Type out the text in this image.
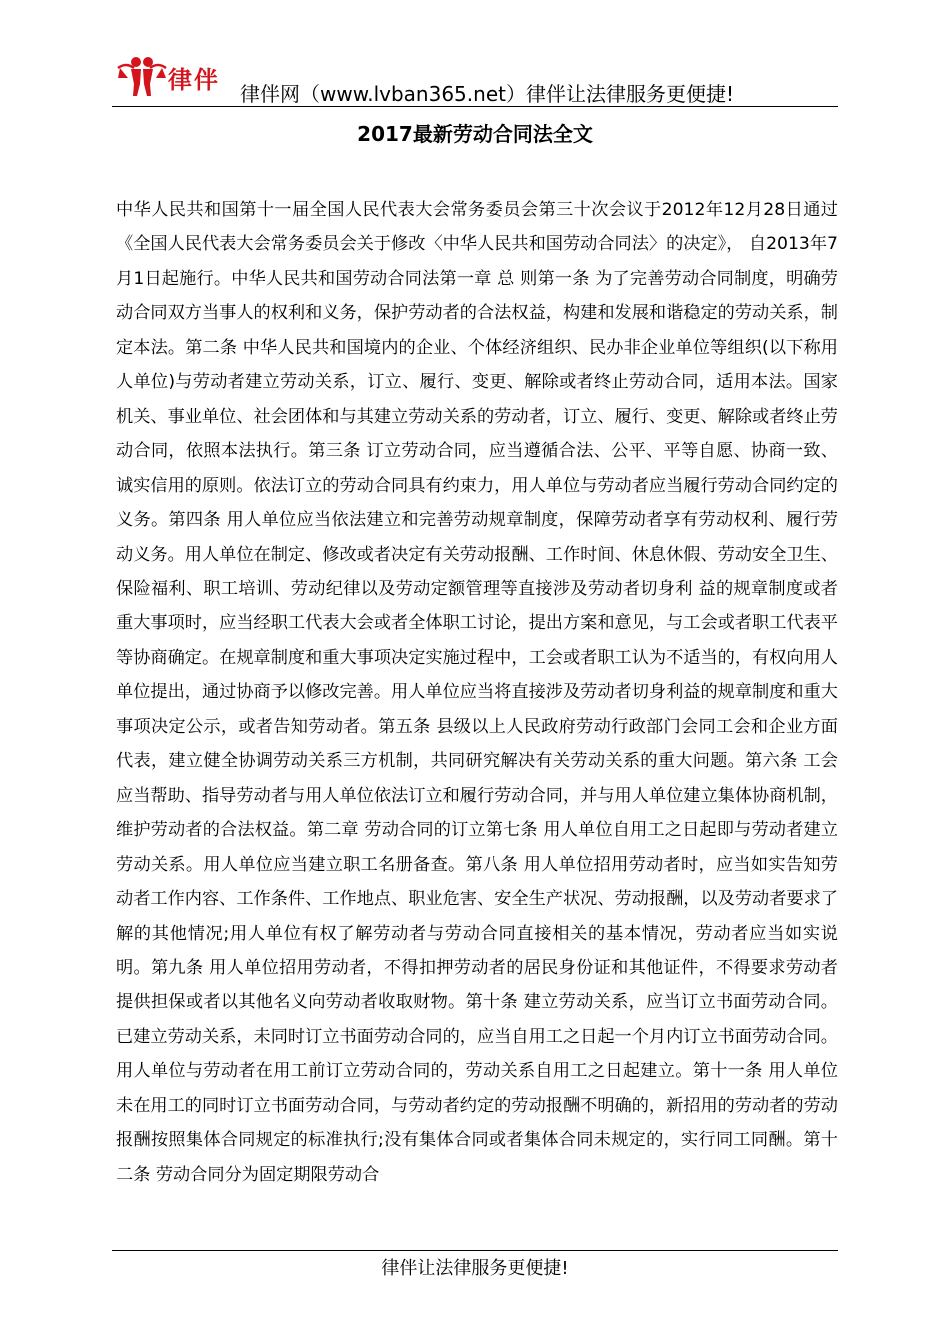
律伴 律伴网（www.lvban365.net）律伴让法律服务更便捷!
2017最新劳动合同法全文
中华人民共和国第十一届全国人民代表大会常务委员会第三十次会议于2012年12月28日通过《全国人民代表大会常务委员会关于修改〈中华人民共和国劳动合同法〉的决定》， 自2013年7月1日起施行。中华人民共和国劳动合同法第一章 总 则第一条 为了完善劳动合同制度，明确劳动合同双方当事人的权利和义务，保护劳动者的合法权益，构建和发展和谐稳定的劳动关系，制定本法。第二条 中华人民共和国境内的企业、个体经济组织、民办非企业单位等组织(以下称用人单位)与劳动者建立劳动关系，订立、履行、变更、解除或者终止劳动合同，适用本法。国家机关、事业单位、社会团体和与其建立劳动关系的劳动者，订立、履行、变更、解除或者终止劳动合同，依照本法执行。第三条 订立劳动合同，应当遵循合法、公平、平等自愿、协商一致、诚实信用的原则。依法订立的劳动合同具有约束力，用人单位与劳动者应当履行劳动合同约定的义务。第四条 用人单位应当依法建立和完善劳动规章制度，保障劳动者享有劳动权利、履行劳动义务。用人单位在制定、修改或者决定有关劳动报酬、工作时间、休息休假、劳动安全卫生、保险福利、职工培训、劳动纪律以及劳动定额管理等直接涉及劳动者切身利 益的规章制度或者重大事项时，应当经职工代表大会或者全体职工讨论，提出方案和意见，与工会或者职工代表平等协商确定。在规章制度和重大事项决定实施过程中，工会或者职工认为不适当的，有权向用人单位提出，通过协商予以修改完善。用人单位应当将直接涉及劳动者切身利益的规章制度和重大事项决定公示，或者告知劳动者。第五条 县级以上人民政府劳动行政部门会同工会和企业方面代表，建立健全协调劳动关系三方机制，共同研究解决有关劳动关系的重大问题。第六条 工会应当帮助、指导劳动者与用人单位依法订立和履行劳动合同，并与用人单位建立集体协商机制，维护劳动者的合法权益。第二章 劳动合同的订立第七条 用人单位自用工之日起即与劳动者建立劳动关系。用人单位应当建立职工名册备查。第八条 用人单位招用劳动者时，应当如实告知劳动者工作内容、工作条件、工作地点、职业危害、安全生产状况、劳动报酬，以及劳动者要求了解的其他情况;用人单位有权了解劳动者与劳动合同直接相关的基本情况，劳动者应当如实说明。第九条 用人单位招用劳动者，不得扣押劳动者的居民身份证和其他证件，不得要求劳动者提供担保或者以其他名义向劳动者收取财物。第十条 建立劳动关系，应当订立书面劳动合同。已建立劳动关系，未同时订立书面劳动合同的，应当自用工之日起一个月内订立书面劳动合同。用人单位与劳动者在用工前订立劳动合同的，劳动关系自用工之日起建立。第十一条 用人单位未在用工的同时订立书面劳动合同，与劳动者约定的劳动报酬不明确的，新招用的劳动者的劳动报酬按照集体合同规定的标准执行;没有集体合同或者集体合同未规定的，实行同工同酬。第十二条 劳动合同分为固定期限劳动合
律伴让法律服务更便捷!
